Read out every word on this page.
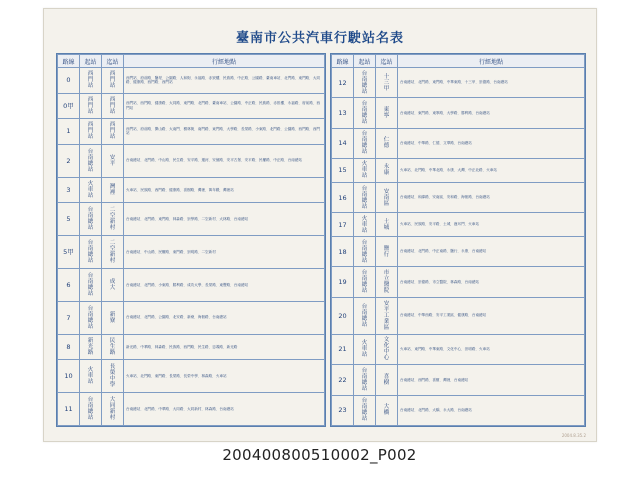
臺南市公共汽車行駛站名表
路線	起站	迄站	行經地點
0	西門站	西門站	西門站．府前路．鹽埕．公園路．人和街．永福路．赤崁樓．民族路．中正路．公園路．臺南車站．北門路．東門路．大同路．健康路．西門路．西門站
0甲	西門站	西門站	西門站．西門路．健康路．大同路．東門路．北門路．臺南車站．公園路．中正路．民族路．赤崁樓．永福路．府前路．西門站
1	西門站	西門站	西門站．府前路．開山路．大南門．樹林街．南門路．東門路．大學路．長榮路．小東路．北門路．公園路．西門路．西門站
2	台南總站	安平	台南總站．北門路．中山路．民生路．安平路．運河．安億路．安平古堡．安平路．民權路．中正路．台南總站
3	火車站	灣裡	火車站．民族路．西門路．健康路．喜樹路．灣裡．萬年殿．灣裡站
5	台南總站	二空新村	台南總站．北門路．東門路．林森路．崇學路．二空新村．大林路．台南總站
5甲	台南總站	二空新村	台南總站．中山路．民權路．東門路．崇明路．二空新村
6	台南總站	成大	台南總站．北門路．小東路．勝利路．成功大學．長榮路．東豐路．台南總站
7	台南總站	新寮	台南總站．北門路．公園路．北安路．新寮．海佃路．台南總站
8	新光路	民生路	新光路．中華路．林森路．民族路．西門路．民生路．忠義路．新光路
10	火車站	長榮中學	火車站．北門路．東門路．長榮路．長榮中學．林森路．火車站
11	台南總站	大同新村	台南總站．北門路．中華路．大同路．大同新村．林森路．台南總站
路線	起站	迄站	行經地點
12	台南總站	十三甲	台南總站．北門路．東門路．中華東路．十三甲．崇德路．台南總站
13	台南總站	東寧	台南總站．東門路．東寧路．大學路．勝利路．台南總站
14	台南總站	仁德	台南總站．中華路．仁德．文華路．台南總站
15	火車站	永康	火車站．北門路．中華北路．永康．大灣．中正北路．火車站
16	台南總站	安南區	台南總站．和緯路．安南區．安和路．海佃路．台南總站
17	火車站	土城	火車站．民族路．安平路．土城．鹿耳門．火車站
18	台南總站	鹽行	台南總站．北門路．中正南路．鹽行．永康．台南總站
19	台南總站	市立醫院	台南總站．崇德路．市立醫院．林森路．台南總站
20	台南總站	安平工業區	台南總站．中華西路．安平工業區．健康路．台南總站
21	火車站	文化中心	火車站．東門路．中華東路．文化中心．崇明路．火車站
22	台南總站	喜樹	台南總站．西門路．喜樹．灣裡．台南總站
23	台南總站	大橋	台南總站．北門路．大橋．永大路．台南總站
2004.8.35.2
200400800510002_P002
